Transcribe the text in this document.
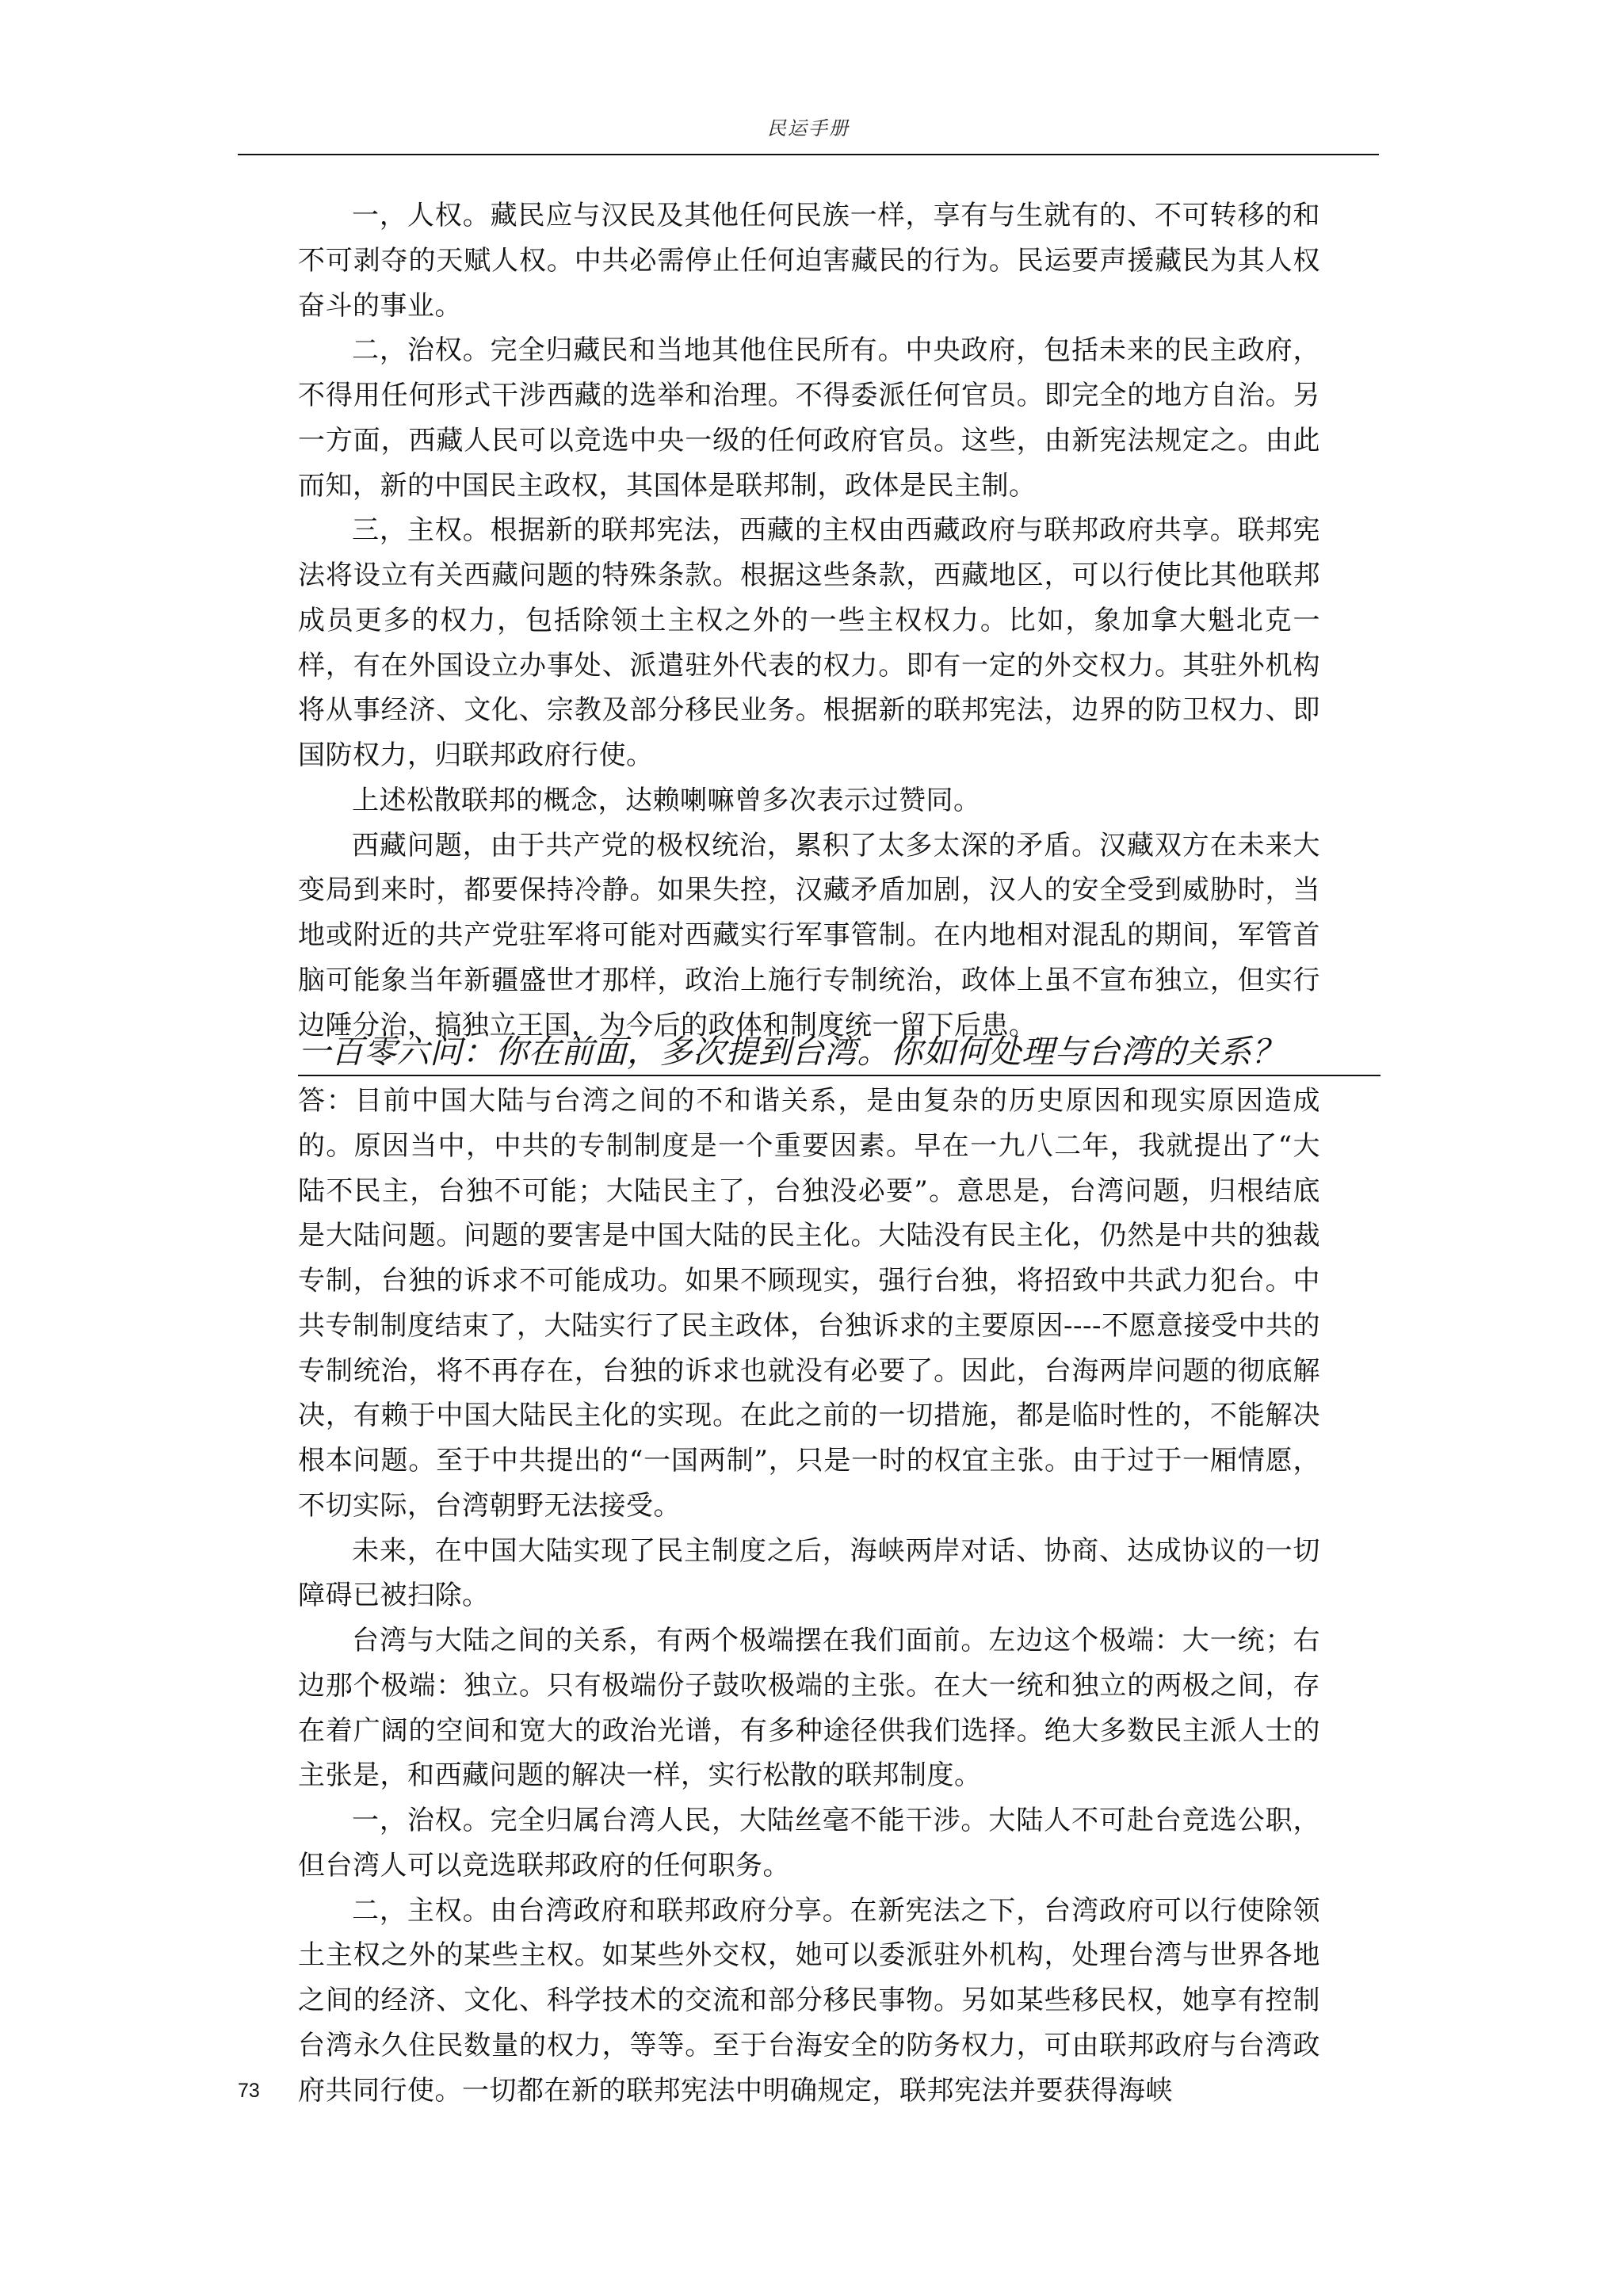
民运手册

一，人权。藏民应与汉民及其他任何民族一样，享有与生就有的、不可转移的和不可剥夺的天赋人权。中共必需停止任何迫害藏民的行为。民运要声援藏民为其人权奋斗的事业。

二，治权。完全归藏民和当地其他住民所有。中央政府，包括未来的民主政府，不得用任何形式干涉西藏的选举和治理。不得委派任何官员。即完全的地方自治。另一方面，西藏人民可以竞选中央一级的任何政府官员。这些，由新宪法规定之。由此而知，新的中国民主政权，其国体是联邦制，政体是民主制。

三，主权。根据新的联邦宪法，西藏的主权由西藏政府与联邦政府共享。联邦宪法将设立有关西藏问题的特殊条款。根据这些条款，西藏地区，可以行使比其他联邦成员更多的权力，包括除领土主权之外的一些主权权力。比如，象加拿大魁北克一样，有在外国设立办事处、派遣驻外代表的权力。即有一定的外交权力。其驻外机构将从事经济、文化、宗教及部分移民业务。根据新的联邦宪法，边界的防卫权力、即国防权力，归联邦政府行使。

上述松散联邦的概念，达赖喇嘛曾多次表示过赞同。

西藏问题，由于共产党的极权统治，累积了太多太深的矛盾。汉藏双方在未来大变局到来时，都要保持冷静。如果失控，汉藏矛盾加剧，汉人的安全受到威胁时，当地或附近的共产党驻军将可能对西藏实行军事管制。在内地相对混乱的期间，军管首脑可能象当年新疆盛世才那样，政治上施行专制统治，政体上虽不宣布独立，但实行边陲分治，搞独立王国，为今后的政体和制度统一留下后患。

一百零六问：你在前面，多次提到台湾。你如何处理与台湾的关系？

答：目前中国大陆与台湾之间的不和谐关系，是由复杂的历史原因和现实原因造成的。原因当中，中共的专制制度是一个重要因素。早在一九八二年，我就提出了“大陆不民主，台独不可能；大陆民主了，台独没必要”。意思是，台湾问题，归根结底是大陆问题。问题的要害是中国大陆的民主化。大陆没有民主化，仍然是中共的独裁专制，台独的诉求不可能成功。如果不顾现实，强行台独，将招致中共武力犯台。中共专制制度结束了，大陆实行了民主政体，台独诉求的主要原因----不愿意接受中共的专制统治，将不再存在，台独的诉求也就没有必要了。因此，台海两岸问题的彻底解决，有赖于中国大陆民主化的实现。在此之前的一切措施，都是临时性的，不能解决根本问题。至于中共提出的“一国两制”，只是一时的权宜主张。由于过于一厢情愿，不切实际，台湾朝野无法接受。

未来，在中国大陆实现了民主制度之后，海峡两岸对话、协商、达成协议的一切障碍已被扫除。

台湾与大陆之间的关系，有两个极端摆在我们面前。左边这个极端：大一统；右边那个极端：独立。只有极端份子鼓吹极端的主张。在大一统和独立的两极之间，存在着广阔的空间和宽大的政治光谱，有多种途径供我们选择。绝大多数民主派人士的主张是，和西藏问题的解决一样，实行松散的联邦制度。

一，治权。完全归属台湾人民，大陆丝毫不能干涉。大陆人不可赴台竞选公职，但台湾人可以竞选联邦政府的任何职务。

二，主权。由台湾政府和联邦政府分享。在新宪法之下，台湾政府可以行使除领土主权之外的某些主权。如某些外交权，她可以委派驻外机构，处理台湾与世界各地之间的经济、文化、科学技术的交流和部分移民事物。另如某些移民权，她享有控制台湾永久住民数量的权力，等等。至于台海安全的防务权力，可由联邦政府与台湾政府共同行使。一切都在新的联邦宪法中明确规定，联邦宪法并要获得海峡

73
